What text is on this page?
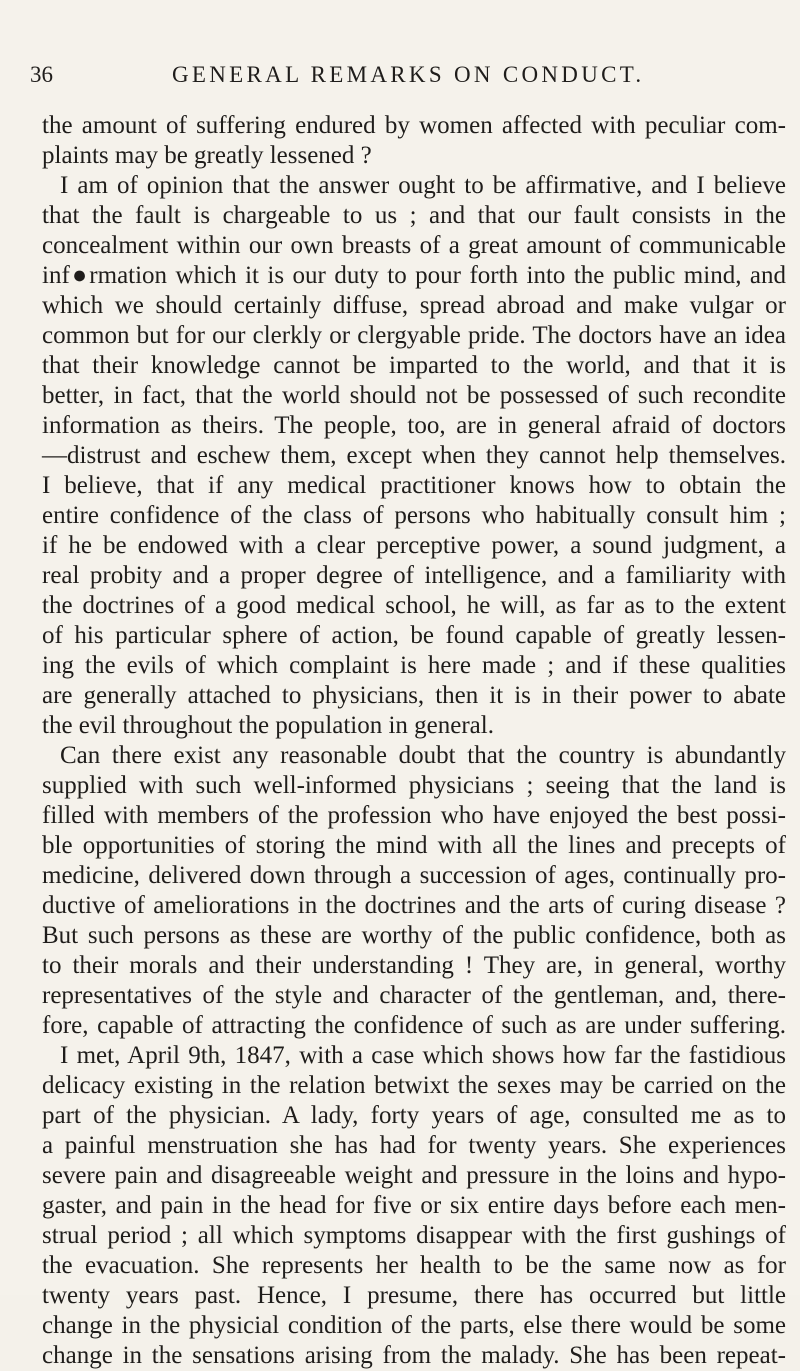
36	GENERAL REMARKS ON CONDUCT.
the amount of suffering endured by women affected with peculiar com-
plaints may be greatly lessened ?
I am of opinion that the answer ought to be affirmative, and I believe
that the fault is chargeable to us ; and that our fault consists in the
concealment within our own breasts of a great amount of communicable
inf●rmation which it is our duty to pour forth into the public mind, and
which we should certainly diffuse, spread abroad and make vulgar or
common but for our clerkly or clergyable pride. The doctors have an idea
that their knowledge cannot be imparted to the world, and that it is
better, in fact, that the world should not be possessed of such recondite
information as theirs. The people, too, are in general afraid of doctors
—distrust and eschew them, except when they cannot help themselves.
I believe, that if any medical practitioner knows how to obtain the
entire confidence of the class of persons who habitually consult him ;
if he be endowed with a clear perceptive power, a sound judgment, a
real probity and a proper degree of intelligence, and a familiarity with
the doctrines of a good medical school, he will, as far as to the extent
of his particular sphere of action, be found capable of greatly lessen-
ing the evils of which complaint is here made ; and if these qualities
are generally attached to physicians, then it is in their power to abate
the evil throughout the population in general.
Can there exist any reasonable doubt that the country is abundantly
supplied with such well-informed physicians ; seeing that the land is
filled with members of the profession who have enjoyed the best possi-
ble opportunities of storing the mind with all the lines and precepts of
medicine, delivered down through a succession of ages, continually pro-
ductive of ameliorations in the doctrines and the arts of curing disease ?
But such persons as these are worthy of the public confidence, both as
to their morals and their understanding ! They are, in general, worthy
representatives of the style and character of the gentleman, and, there-
fore, capable of attracting the confidence of such as are under suffering.
I met, April 9th, 1847, with a case which shows how far the fastidious
delicacy existing in the relation betwixt the sexes may be carried on the
part of the physician. A lady, forty years of age, consulted me as to
a painful menstruation she has had for twenty years. She experiences
severe pain and disagreeable weight and pressure in the loins and hypo-
gaster, and pain in the head for five or six entire days before each men-
strual period ; all which symptoms disappear with the first gushings of
the evacuation. She represents her health to be the same now as for
twenty years past. Hence, I presume, there has occurred but little
change in the physicial condition of the parts, else there would be some
change in the sensations arising from the malady. She has been repeat-
